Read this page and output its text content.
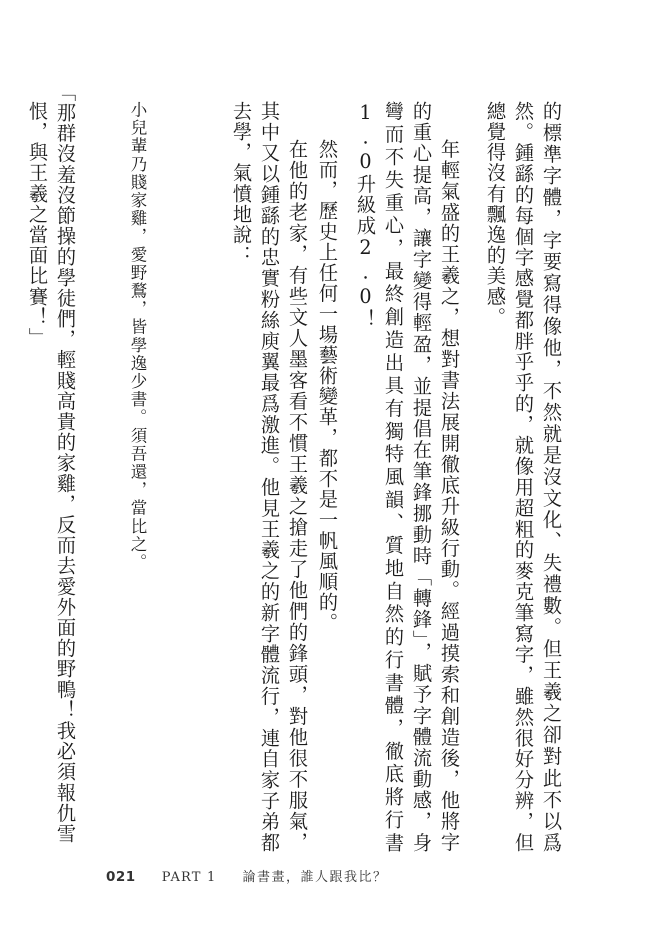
的標準字體，字要寫得像他，不然就是沒文化、失禮數。但王羲之卻對此不以爲然。鍾繇的每個字感覺都胖乎乎的，就像用超粗的麥克筆寫字，雖然很好分辨，但總覺得沒有飄逸的美感。

年輕氣盛的王羲之，想對書法展開徹底升級行動。經過摸索和創造後，他將字的重心提高，讓字變得輕盈，並提倡在筆鋒挪動時「轉鋒」，賦予字體流動感，身彎而不失重心，最終創造出具有獨特風韻、質地自然的行書體，徹底將行書1.0升級成2.0！

然而，歷史上任何一場藝術變革，都不是一帆風順的。

在他的老家，有些文人墨客看不慣王羲之搶走了他們的鋒頭，對他很不服氣，其中又以鍾繇的忠實粉絲庾翼最爲激進。他見王羲之的新字體流行，連自家子弟都去學，氣憤地說：

小兒輩乃賤家雞，愛野鶩，皆學逸少書。須吾還，當比之。

「那群沒羞沒節操的學徒們，輕賤高貴的家雞，反而去愛外面的野鴨！我必須報仇雪
恨，與王羲之當面比賽！」

021 PART 1 論書畫，誰人跟我比？
